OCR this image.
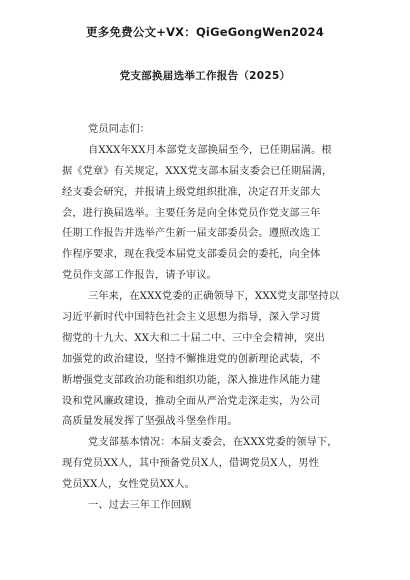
更多免费公文+VX：QiGeGongWen2024
党支部换届选举工作报告（2025）
党员同志们：
自XXX年XX月本部党支部换届至今，已任期届满。根
据《党章》有关规定，XXX党支部本届支委会已任期届满，
经支委会研究，并报请上级党组织批准，决定召开支部大
会，进行换届选举。主要任务是向全体党员作党支部三年
任期工作报告并选举产生新一届支部委员会。遵照改选工
作程序要求，现在我受本届党支部委员会的委托，向全体
党员作支部工作报告，请予审议。
三年来，在XXX党委的正确领导下，XXX党支部坚持以
习近平新时代中国特色社会主义思想为指导，深入学习贯
彻党的十九大、XX大和二十届二中、三中全会精神，突出
加强党的政治建设，坚持不懈推进党的创新理论武装，不
断增强党支部政治功能和组织功能，深入推进作风能力建
设和党风廉政建设，推动全面从严治党走深走实，为公司
高质量发展发挥了坚强战斗堡垒作用。
党支部基本情况：本届支委会，在XXX党委的领导下，
现有党员XX人，其中预备党员X人，借调党员X人，男性
党员XX人，女性党员XX人。
一、过去三年工作回顾
